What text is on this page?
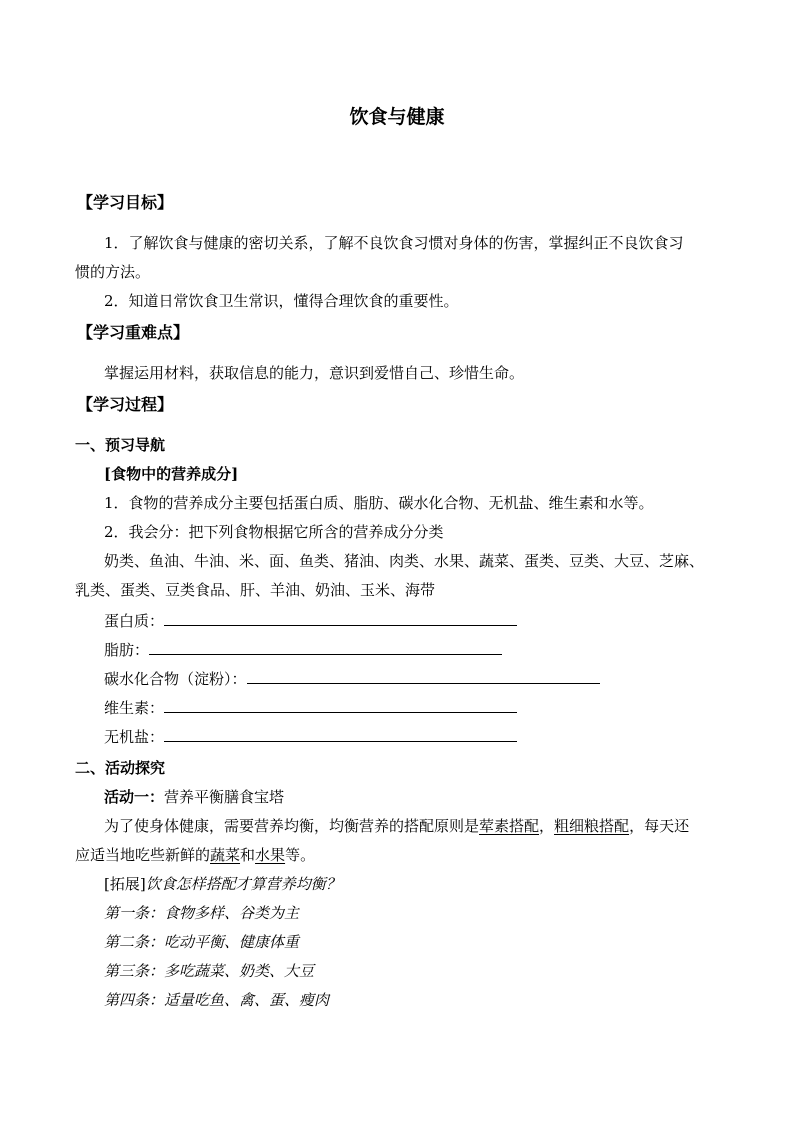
饮食与健康
【学习目标】
1．了解饮食与健康的密切关系，了解不良饮食习惯对身体的伤害，掌握纠正不良饮食习
惯的方法。
2．知道日常饮食卫生常识，懂得合理饮食的重要性。
【学习重难点】
掌握运用材料，获取信息的能力，意识到爱惜自己、珍惜生命。
【学习过程】
一、预习导航
[食物中的营养成分]
1．食物的营养成分主要包括蛋白质、脂肪、碳水化合物、无机盐、维生素和水等。
2．我会分：把下列食物根据它所含的营养成分分类
奶类、鱼油、牛油、米、面、鱼类、猪油、肉类、水果、蔬菜、蛋类、豆类、大豆、芝麻、
乳类、蛋类、豆类食品、肝、羊油、奶油、玉米、海带
蛋白质：
脂肪：
碳水化合物（淀粉）：
维生素：
无机盐：
二、活动探究
活动一：营养平衡膳食宝塔
为了使身体健康，需要营养均衡，均衡营养的搭配原则是荤素搭配，粗细粮搭配，每天还
应适当地吃些新鲜的蔬菜和水果等。
[拓展]饮食怎样搭配才算营养均衡？
第一条：食物多样、谷类为主
第二条：吃动平衡、健康体重
第三条：多吃蔬菜、奶类、大豆
第四条：适量吃鱼、禽、蛋、瘦肉
